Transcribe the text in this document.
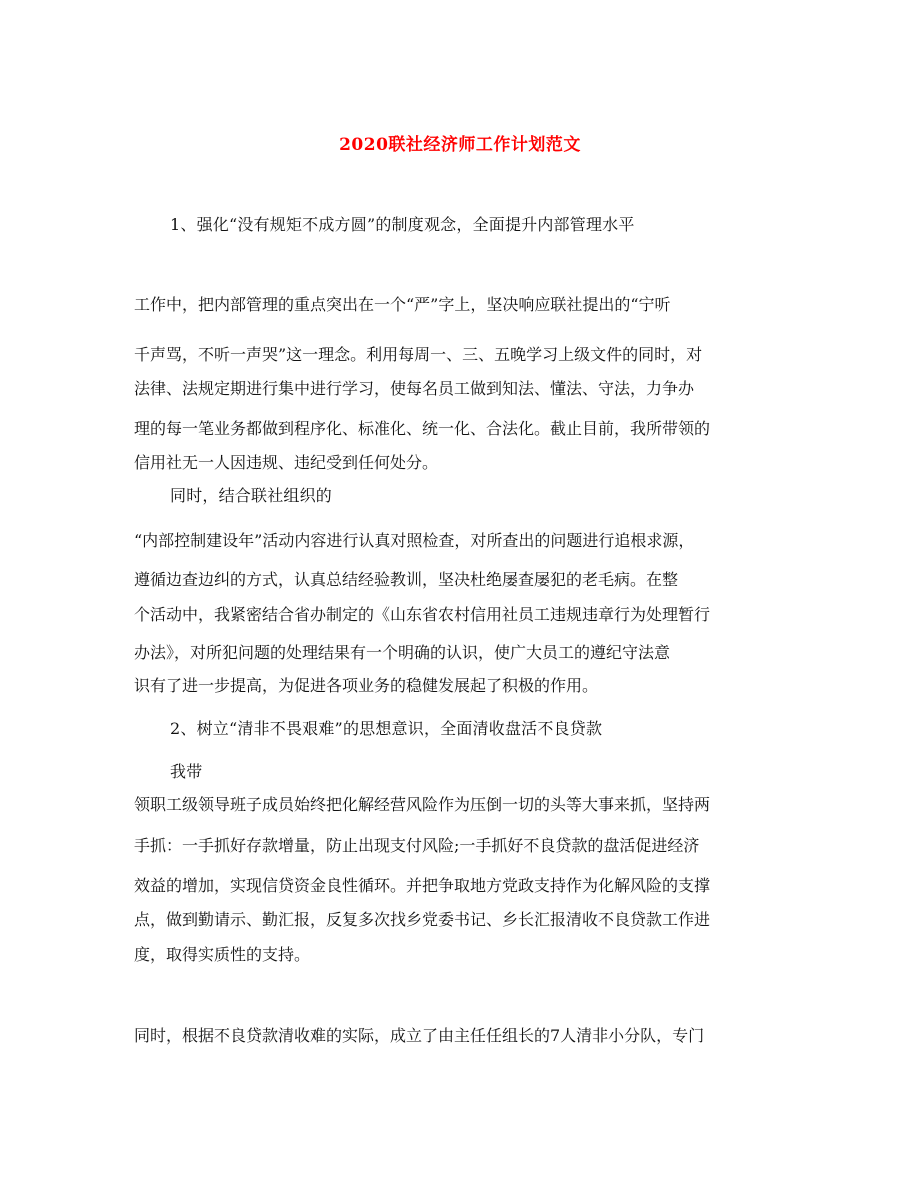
2020联社经济师工作计划范文
1、强化“没有规矩不成方圆”的制度观念，全面提升内部管理水平
工作中，把内部管理的重点突出在一个“严”字上，坚决响应联社提出的“宁听
千声骂，不听一声哭”这一理念。利用每周一、三、五晚学习上级文件的同时，对
法律、法规定期进行集中进行学习，使每名员工做到知法、懂法、守法，力争办
理的每一笔业务都做到程序化、标准化、统一化、合法化。截止目前，我所带领的
信用社无一人因违规、违纪受到任何处分。
同时，结合联社组织的
“内部控制建设年”活动内容进行认真对照检查，对所查出的问题进行追根求源，
遵循边查边纠的方式，认真总结经验教训，坚决杜绝屡查屡犯的老毛病。在整
个活动中，我紧密结合省办制定的《山东省农村信用社员工违规违章行为处理暂行
办法》，对所犯问题的处理结果有一个明确的认识，使广大员工的遵纪守法意
识有了进一步提高，为促进各项业务的稳健发展起了积极的作用。
2、树立“清非不畏艰难”的思想意识，全面清收盘活不良贷款
我带
领职工级领导班子成员始终把化解经营风险作为压倒一切的头等大事来抓，坚持两
手抓：一手抓好存款增量，防止出现支付风险;一手抓好不良贷款的盘活促进经济
效益的增加，实现信贷资金良性循环。并把争取地方党政支持作为化解风险的支撑
点，做到勤请示、勤汇报，反复多次找乡党委书记、乡长汇报清收不良贷款工作进
度，取得实质性的支持。
同时，根据不良贷款清收难的实际，成立了由主任任组长的7人清非小分队，专门
